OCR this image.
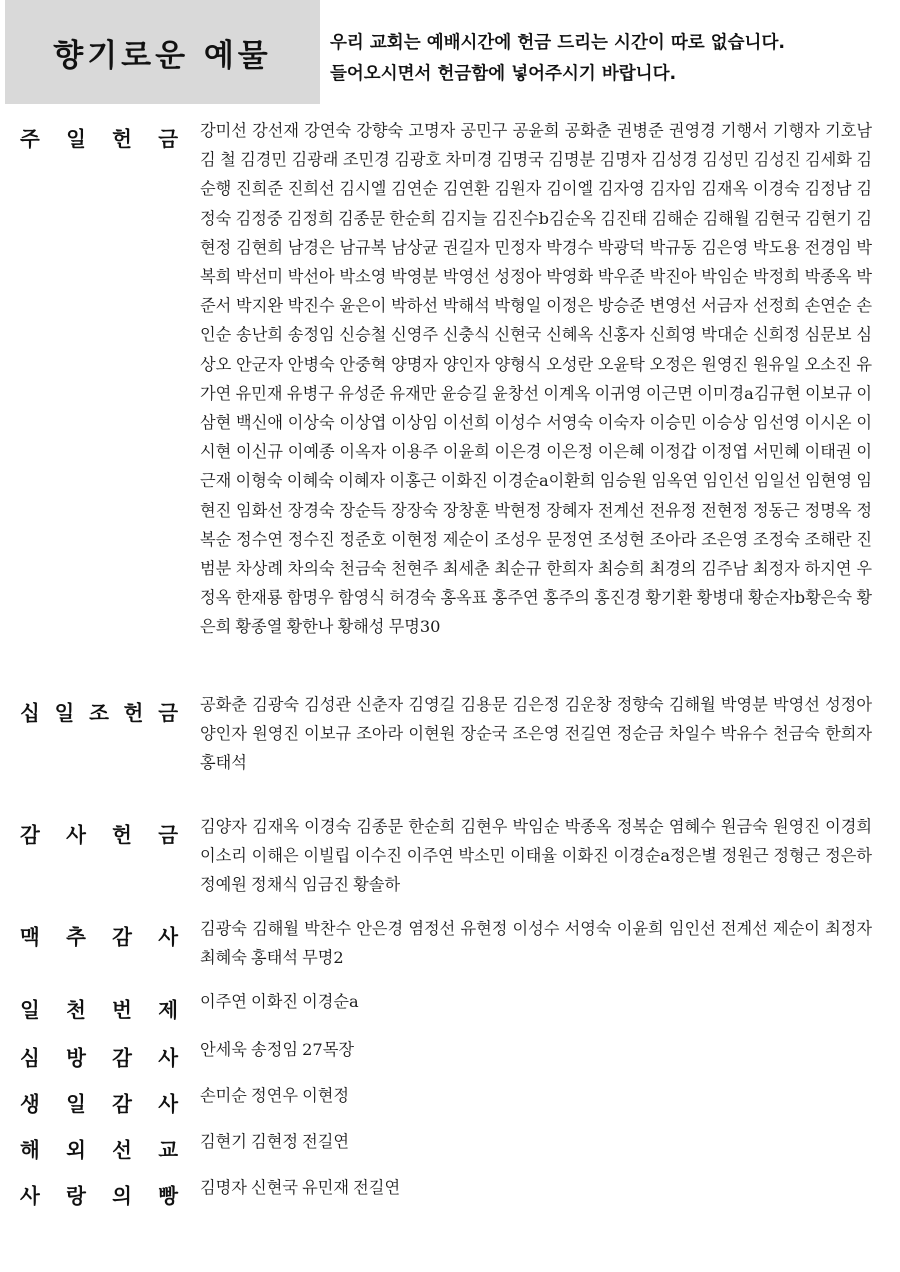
향기로운 예물	우리 교회는 예배시간에 헌금 드리는 시간이 따로 없습니다.
들어오시면서 헌금함에 넣어주시기 바랍니다.
주 일 헌 금 강미선 강선재 강연숙 강향숙 고명자 공민구 공윤희 공화춘 권병준 권영경 기행서 기행자 기호남 김 철 김경민 김광래 조민경 김광호 차미경 김명국 김명분 김명자 김성경 김성민 김성진 김세화 김순행 진희준 진희선 김시엘 김연순 김연환 김원자 김이엘 김자영 김자임 김재옥 이경숙 김정남 김정숙 김정중 김정희 김종문 한순희 김지늘 김진수b김순옥 김진태 김해순 김해월 김현국 김현기 김현정 김현희 남경은 남규복 남상균 권길자 민정자 박경수 박광덕 박규동 김은영 박도용 전경임 박복희 박선미 박선아 박소영 박영분 박영선 성정아 박영화 박우준 박진아 박임순 박정희 박종옥 박준서 박지완 박진수 윤은이 박하선 박해석 박형일 이정은 방승준 변영선 서금자 선정희 손연순 손인순 송난희 송정임 신승철 신영주 신충식 신현국 신혜옥 신홍자 신희영 박대순 신희정 심문보 심상오 안군자 안병숙 안중혁 양명자 양인자 양형식 오성란 오윤탁 오정은 원영진 원유일 오소진 유가연 유민재 유병구 유성준 유재만 윤승길 윤창선 이계옥 이귀영 이근면 이미경a김규현 이보규 이삼현 백신애 이상숙 이상엽 이상임 이선희 이성수 서영숙 이숙자 이승민 이승상 임선영 이시온 이시현 이신규 이예종 이옥자 이용주 이윤희 이은경 이은정 이은혜 이정갑 이정엽 서민혜 이태권 이근재 이형숙 이혜숙 이혜자 이홍근 이화진 이경순a이환희 임승원 임옥연 임인선 임일선 임현영 임현진 임화선 장경숙 장순득 장장숙 장창훈 박현정 장혜자 전계선 전유정 전현정 정동근 정명옥 정복순 정수연 정수진 정준호 이현정 제순이 조성우 문정연 조성현 조아라 조은영 조정숙 조해란 진범분 차상례 차의숙 천금숙 천현주 최세춘 최순규 한희자 최승희 최경의 김주남 최정자 하지연 우정옥 한재룡 함명우 함영식 허경숙 홍옥표 홍주연 홍주의 홍진경 황기환 황병대 황순자b황은숙 황은희 황종열 황한나 황해성 무명30
십 일 조 헌 금 공화춘 김광숙 김성관 신춘자 김영길 김용문 김은정 김운창 정향숙 김해월 박영분 박영선 성정아 양인자 원영진 이보규 조아라 이현원 장순국 조은영 전길연 정순금 차일수 박유수 천금숙 한희자 홍태석
감 사 헌 금 김양자 김재옥 이경숙 김종문 한순희 김현우 박임순 박종옥 정복순 염혜수 원금숙 원영진 이경희 이소리 이해은 이빌립 이수진 이주연 박소민 이태율 이화진 이경순a정은별 정원근 정형근 정은하 정예원 정채식 임금진 황솔하
맥 추 감 사 김광숙 김해월 박찬수 안은경 염정선 유현정 이성수 서영숙 이윤희 임인선 전계선 제순이 최정자 최혜숙 홍태석 무명2
일 천 번 제 이주연 이화진 이경순a
심 방 감 사 안세욱 송정임 27목장
생 일 감 사 손미순 정연우 이현정
해 외 선 교 김현기 김현정 전길연
사 랑 의 빵 김명자 신현국 유민재 전길연
